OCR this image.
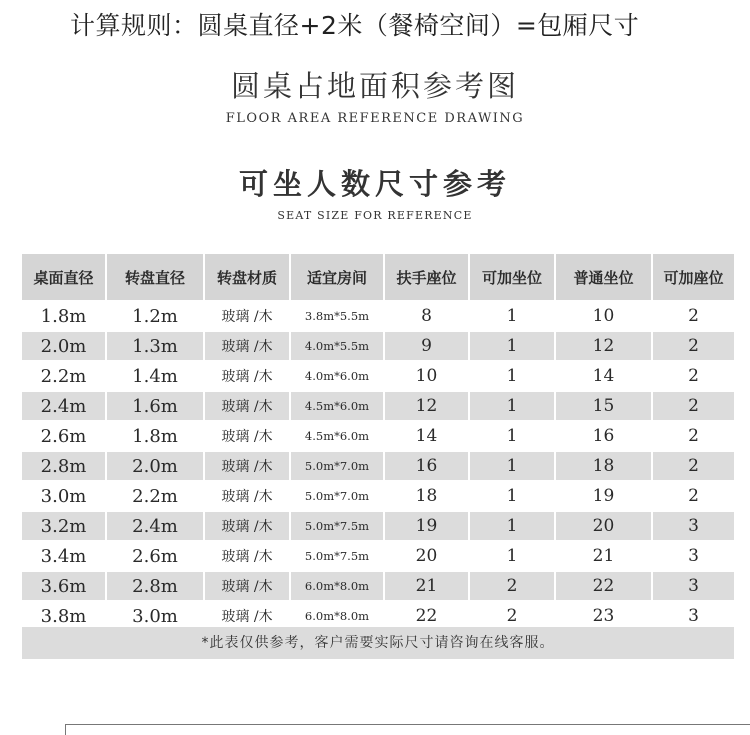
计算规则：圆桌直径+2米（餐椅空间）=包厢尺寸
圆桌占地面积参考图
FLOOR AREA REFERENCE DRAWING
可坐人数尺寸参考
SEAT SIZE FOR REFERENCE
桌面直径	转盘直径	转盘材质	适宜房间	扶手座位	可加坐位	普通坐位	可加座位
1.8m	1.2m	玻璃 /木	3.8m*5.5m	8	1	10	2
2.0m	1.3m	玻璃 /木	4.0m*5.5m	9	1	12	2
2.2m	1.4m	玻璃 /木	4.0m*6.0m	10	1	14	2
2.4m	1.6m	玻璃 /木	4.5m*6.0m	12	1	15	2
2.6m	1.8m	玻璃 /木	4.5m*6.0m	14	1	16	2
2.8m	2.0m	玻璃 /木	5.0m*7.0m	16	1	18	2
3.0m	2.2m	玻璃 /木	5.0m*7.0m	18	1	19	2
3.2m	2.4m	玻璃 /木	5.0m*7.5m	19	1	20	3
3.4m	2.6m	玻璃 /木	5.0m*7.5m	20	1	21	3
3.6m	2.8m	玻璃 /木	6.0m*8.0m	21	2	22	3
3.8m	3.0m	玻璃 /木	6.0m*8.0m	22	2	23	3
*此表仅供参考，客户需要实际尺寸请咨询在线客服。
